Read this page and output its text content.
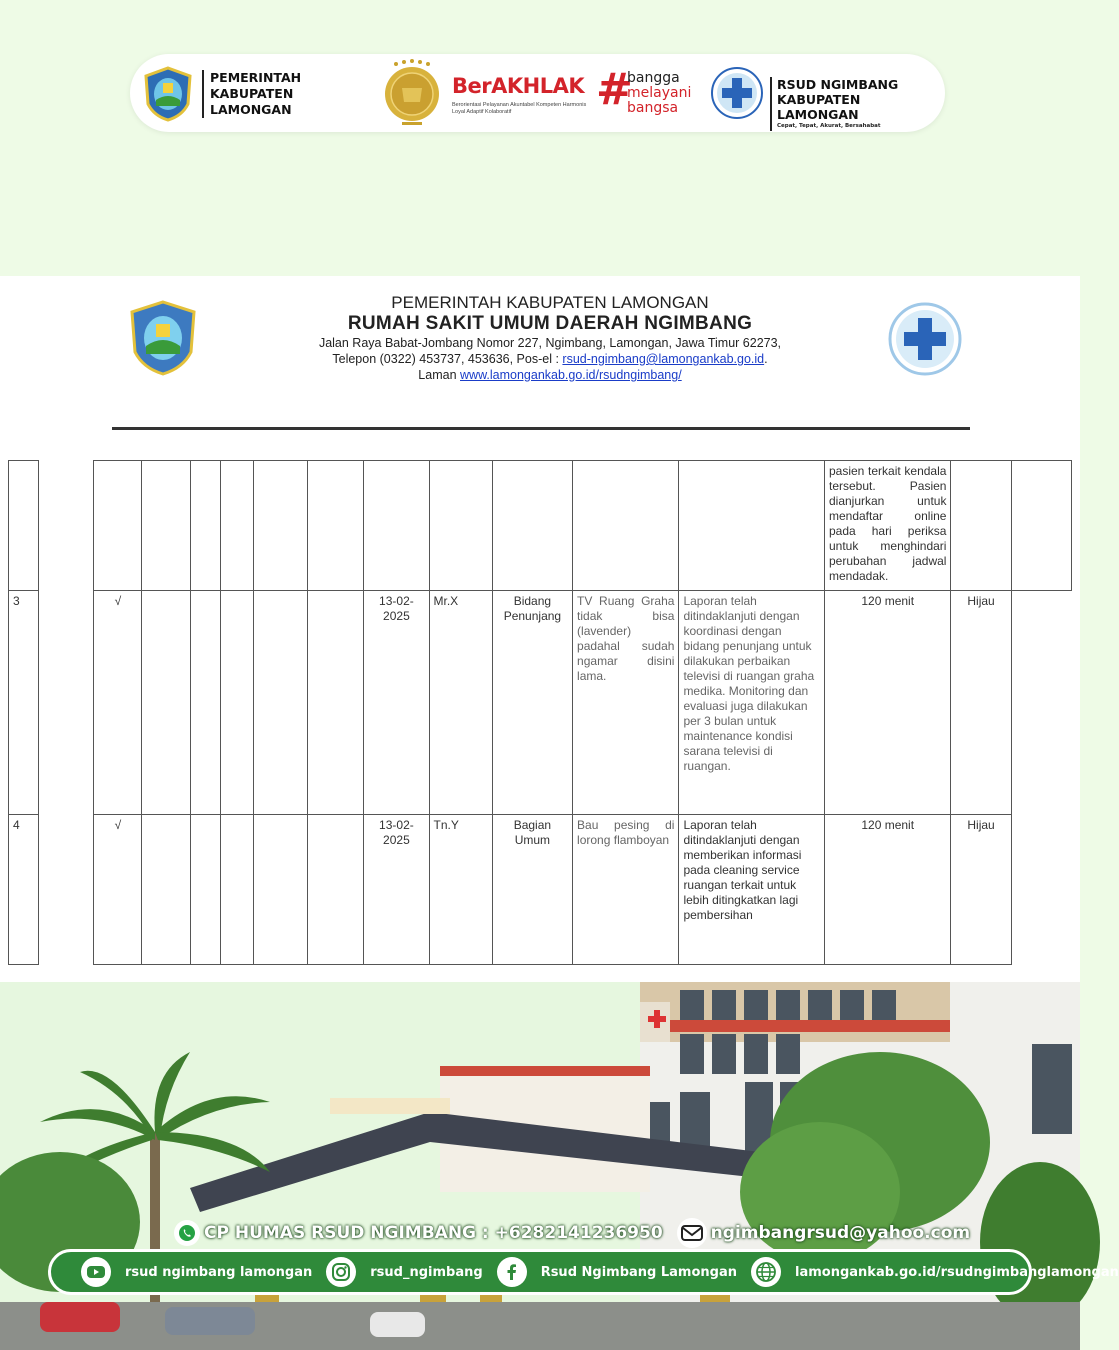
PEMERINTAH
KABUPATEN LAMONGAN
BerAKHLAK
Berorientasi Pelayanan Akuntabel Kompeten Harmonis Loyal Adaptif Kolaboratif	#
bangga
melayani
bangsa
RSUD NGIMBANG
KABUPATEN LAMONGAN
Cepat, Tepat, Akurat, Bersahabat
PEMERINTAH KABUPATEN LAMONGAN
RUMAH SAKIT UMUM DAERAH NGIMBANG
Jalan Raya Babat-Jombang Nomor 227, Ngimbang, Lamongan, Jawa Timur 62273,
Telepon (0322) 453737, 453636, Pos-el : rsud-ngimbang@lamongankab.go.id.
Laman www.lamongankab.go.id/rsudngimbang/
													pasien terkait kendala tersebut. Pasien dianjurkan untuk mendaftar online pada hari periksa untuk menghindari perubahan jadwal mendadak.		
3		√						13-02-2025	Mr.X	Bidang Penunjang	TV Ruang Graha tidak bisa (lavender) padahal sudah ngamar disini lama.	Laporan telah ditindaklanjuti dengan koordinasi dengan bidang penunjang untuk dilakukan perbaikan televisi di ruangan graha medika. Monitoring dan evaluasi juga dilakukan per 3 bulan untuk maintenance kondisi sarana televisi di ruangan.	120 menit	Hijau	
4		√						13-02-2025	Tn.Y	Bagian Umum	Bau pesing di lorong flamboyan	Laporan telah ditindaklanjuti dengan memberikan informasi pada cleaning service ruangan terkait untuk lebih ditingkatkan lagi pembersihan	120 menit	Hijau	
CP HUMAS RSUD NGIMBANG : +6282141236950	ngimbangrsud@yahoo.com
rsud ngimbang lamongan	rsud_ngimbang	Rsud Ngimbang Lamongan	lamongankab.go.id/rsudngimbanglamongan
